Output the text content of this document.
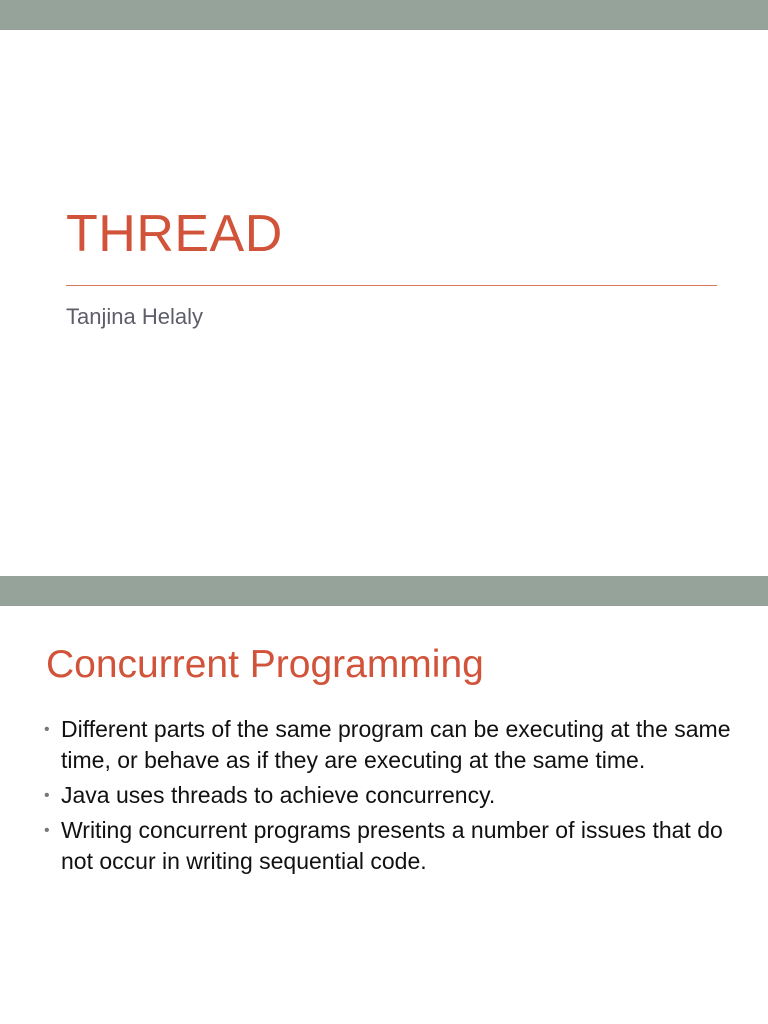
THREAD

Tanjina Helaly

Concurrent Programming
• Different parts of the same program can be executing at the same time, or behave as if they are executing at the same time.
• Java uses threads to achieve concurrency.
• Writing concurrent programs presents a number of issues that do not occur in writing sequential code.
